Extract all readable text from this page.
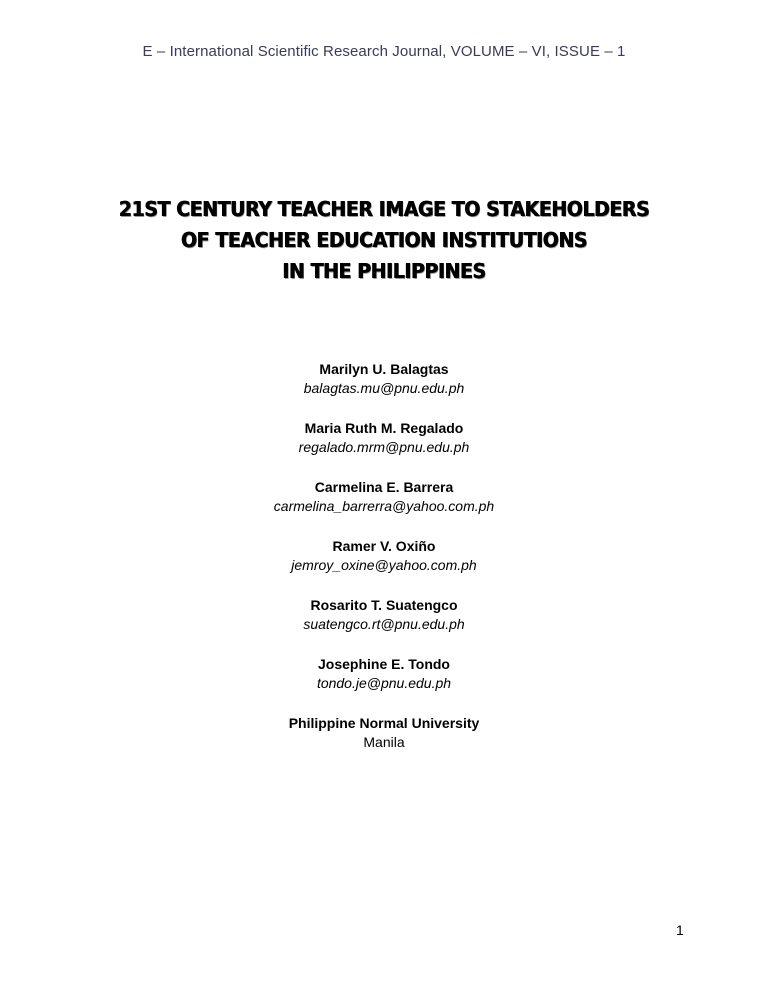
E – International Scientific Research Journal, VOLUME – VI, ISSUE – 1
21ST CENTURY TEACHER IMAGE TO STAKEHOLDERS
OF TEACHER EDUCATION INSTITUTIONS
IN THE PHILIPPINES
Marilyn U. Balagtas
balagtas.mu@pnu.edu.ph
Maria Ruth M. Regalado
regalado.mrm@pnu.edu.ph
Carmelina E. Barrera
carmelina_barrerra@yahoo.com.ph
Ramer V. Oxiño
jemroy_oxine@yahoo.com.ph
Rosarito T. Suatengco
suatengco.rt@pnu.edu.ph
Josephine E. Tondo
tondo.je@pnu.edu.ph
Philippine Normal University
Manila
1
